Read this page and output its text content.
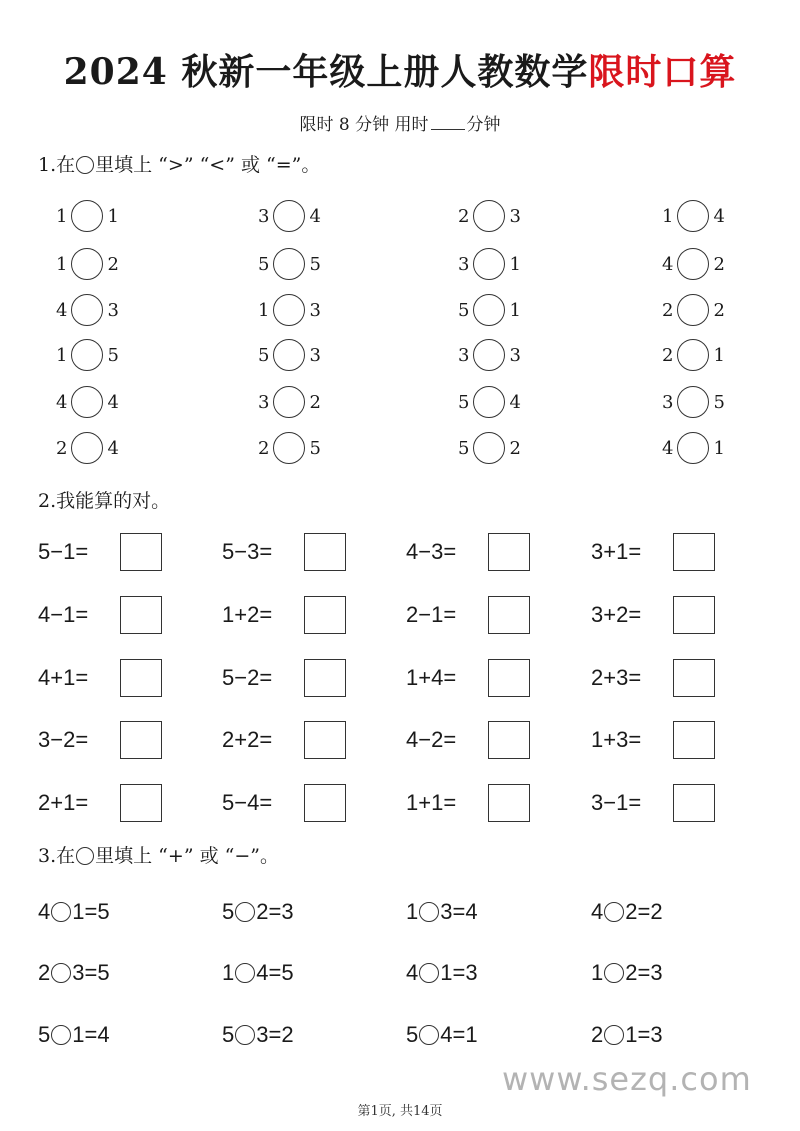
2024 秋新一年级上册人教数学限时口算
限时 8 分钟 用时 分钟
1.在 里填上 “>” “<” 或 “=”。
1 1	3 4	2 3	1 4
1 2	5 5	3 1	4 2
4 3	1 3	5 1	2 2
1 5	5 3	3 3	2 1
4 4	3 2	5 4	3 5
2 4	2 5	5 2	4 1
2.我能算的对。
5−1=	5−3=	4−3=	3+1=
4−1=	1+2=	2−1=	3+2=
4+1=	5−2=	1+4=	2+3=
3−2=	2+2=	4−2=	1+3=
2+1=	5−4=	1+1=	3−1=
3.在 里填上 “+” 或 “−”。
4 1=5	5 2=3	1 3=4	4 2=2
2 3=5	1 4=5	4 1=3	1 2=3
5 1=4	5 3=2	5 4=1	2 1=3
www.sezq.com
第1页, 共14页
